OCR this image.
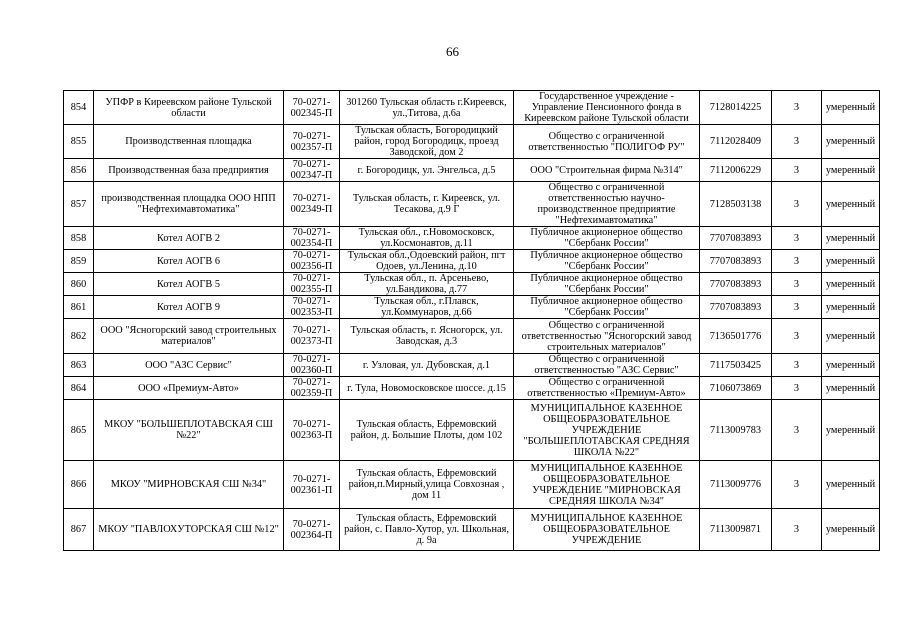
66
854	УПФР в Киреевском районе Тульской области	70-0271-002345-П	301260 Тульская область г.Киреевск, ул.,Титова, д.6а	Государственное учреждение - Управление Пенсионного фонда в Киреевском районе Тульской области	7128014225	3	умеренный
855	Производственная площадка	70-0271-002357-П	Тульская область, Богородицкий район, город Богородицк, проезд Заводской, дом 2	Общество с ограниченной ответственностью "ПОЛИГОФ РУ"	7112028409	3	умеренный
856	Производственная база предприятия	70-0271-002347-П	г. Богородицк, ул. Энгельса, д.5	ООО "Строительная фирма №314"	7112006229	3	умеренный
857	производственная площадка ООО НПП "Нефтехимавтоматика"	70-0271-002349-П	Тульская область, г. Киреевск, ул. Тесакова, д.9 Г	Общество с ограниченной ответственностью научно-производственное предприятие "Нефтехимавтоматика"	7128503138	3	умеренный
858	Котел АОГВ 2	70-0271-002354-П	Тульская обл., г.Новомосковск, ул.Космонавтов, д.11	Публичное акционерное общество "Сбербанк России"	7707083893	3	умеренный
859	Котел АОГВ 6	70-0271-002356-П	Тульская обл.,Одоевский район, пгт Одоев, ул.Ленина, д.10	Публичное акционерное общество "Сбербанк России"	7707083893	3	умеренный
860	Котел АОГВ 5	70-0271-002355-П	Тульская обл., п. Арсеньево, ул.Бандикова, д.77	Публичное акционерное общество "Сбербанк России"	7707083893	3	умеренный
861	Котел АОГВ 9	70-0271-002353-П	Тульская обл., г.Плавск, ул.Коммунаров, д.66	Публичное акционерное общество "Сбербанк России"	7707083893	3	умеренный
862	ООО "Ясногорский завод строительных материалов"	70-0271-002373-П	Тульская область, г. Ясногорск, ул. Заводская, д.3	Общество с ограниченной ответственностью "Ясногорский завод строительных материалов"	7136501776	3	умеренный
863	ООО "АЗС Сервис"	70-0271-002360-П	г. Узловая, ул. Дубовская, д.1	Общество с ограниченной ответственностью "АЗС Сервис"	7117503425	3	умеренный
864	ООО «Премиум-Авто»	70-0271-002359-П	г. Тула, Новомосковское шоссе. д.15	Общество с ограниченной ответственностью «Премиум-Авто»	7106073869	3	умеренный
865	МКОУ "БОЛЬШЕПЛОТАВСКАЯ СШ №22"	70-0271-002363-П	Тульская область, Ефремовский район, д. Большие Плоты, дом 102	МУНИЦИПАЛЬНОЕ КАЗЕННОЕ ОБЩЕОБРАЗОВАТЕЛЬНОЕ УЧРЕЖДЕНИЕ "БОЛЬШЕПЛОТАВСКАЯ СРЕДНЯЯ ШКОЛА №22"	7113009783	3	умеренный
866	МКОУ "МИРНОВСКАЯ СШ №34"	70-0271-002361-П	Тульская область, Ефремовский район,п.Мирный,улица Совхозная , дом 11	МУНИЦИПАЛЬНОЕ КАЗЕННОЕ ОБЩЕОБРАЗОВАТЕЛЬНОЕ УЧРЕЖДЕНИЕ "МИРНОВСКАЯ СРЕДНЯЯ ШКОЛА №34"	7113009776	3	умеренный
867	МКОУ "ПАВЛОХУТОРСКАЯ СШ №12"	70-0271-002364-П	Тульская область, Ефремовский район, с. Павло-Хутор, ул. Школьная, д. 9а	МУНИЦИПАЛЬНОЕ КАЗЕННОЕ ОБЩЕОБРАЗОВАТЕЛЬНОЕ УЧРЕЖДЕНИЕ	7113009871	3	умеренный
